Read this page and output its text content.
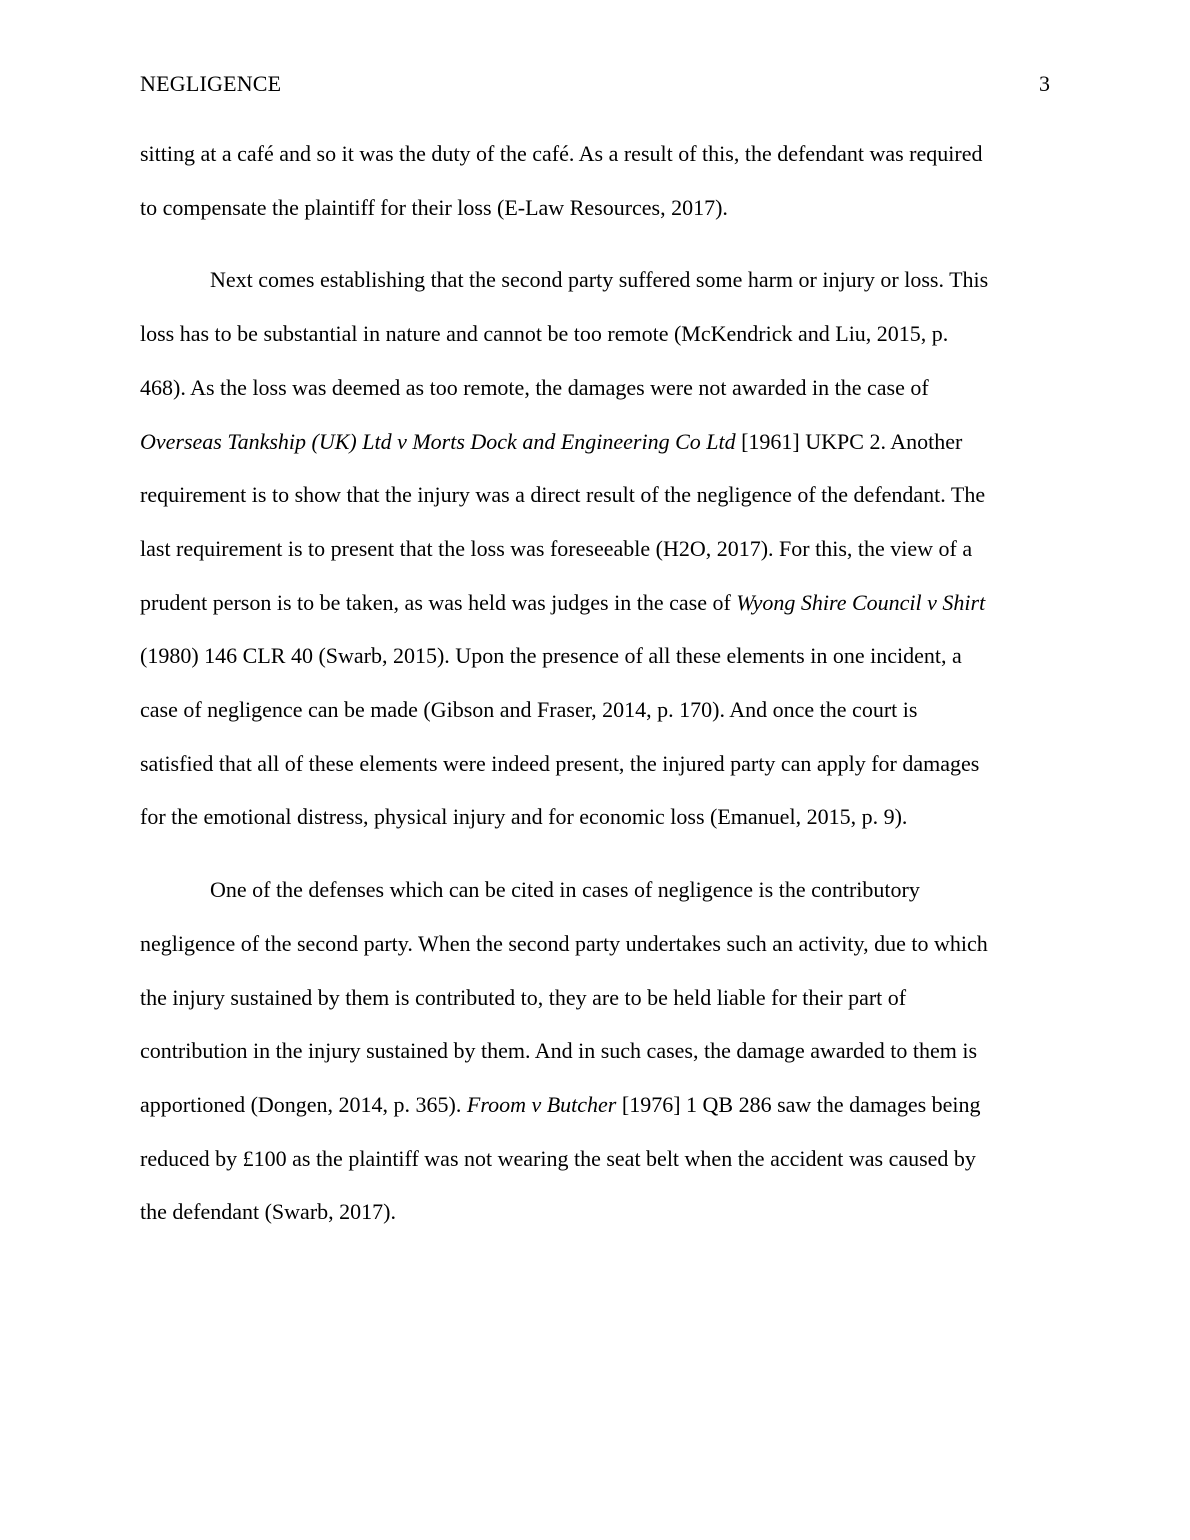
NEGLIGENCE	3

sitting at a café and so it was the duty of the café. As a result of this, the defendant was required
to compensate the plaintiff for their loss (E-Law Resources, 2017).

Next comes establishing that the second party suffered some harm or injury or loss. This
loss has to be substantial in nature and cannot be too remote (McKendrick and Liu, 2015, p.
468). As the loss was deemed as too remote, the damages were not awarded in the case of
Overseas Tankship (UK) Ltd v Morts Dock and Engineering Co Ltd [1961] UKPC 2. Another
requirement is to show that the injury was a direct result of the negligence of the defendant. The
last requirement is to present that the loss was foreseeable (H2O, 2017). For this, the view of a
prudent person is to be taken, as was held was judges in the case of Wyong Shire Council v Shirt
(1980) 146 CLR 40 (Swarb, 2015). Upon the presence of all these elements in one incident, a
case of negligence can be made (Gibson and Fraser, 2014, p. 170). And once the court is
satisfied that all of these elements were indeed present, the injured party can apply for damages
for the emotional distress, physical injury and for economic loss (Emanuel, 2015, p. 9).

One of the defenses which can be cited in cases of negligence is the contributory
negligence of the second party. When the second party undertakes such an activity, due to which
the injury sustained by them is contributed to, they are to be held liable for their part of
contribution in the injury sustained by them. And in such cases, the damage awarded to them is
apportioned (Dongen, 2014, p. 365). Froom v Butcher [1976] 1 QB 286 saw the damages being
reduced by £100 as the plaintiff was not wearing the seat belt when the accident was caused by
the defendant (Swarb, 2017).
